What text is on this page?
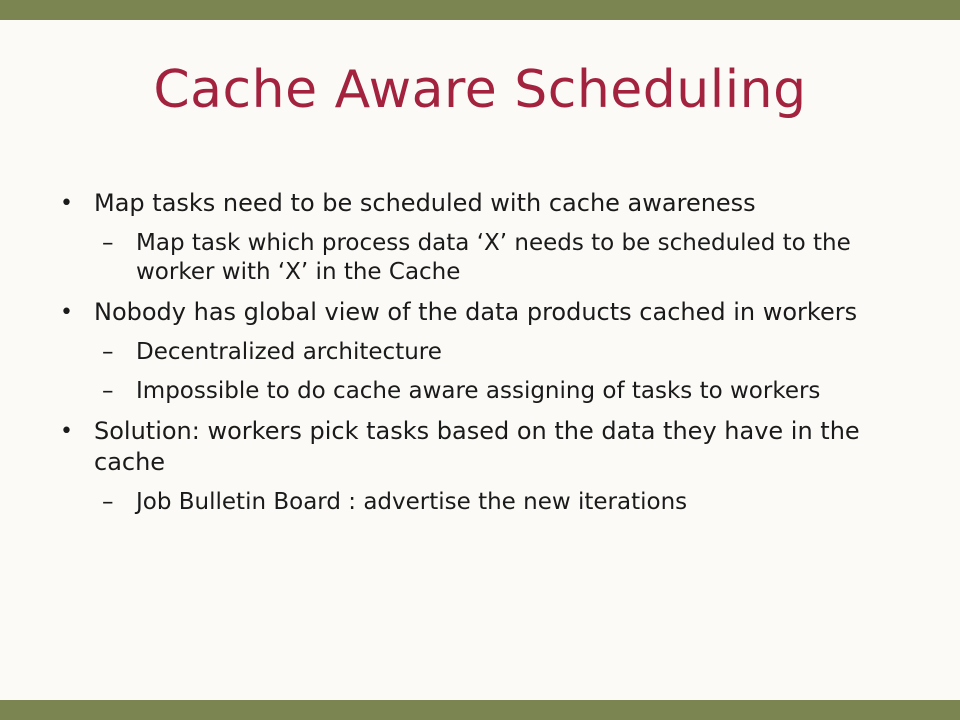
Cache Aware Scheduling
• Map tasks need to be scheduled with cache awareness
– Map task which process data ‘X’ needs to be scheduled to the worker with ‘X’ in the Cache
• Nobody has global view of the data products cached in workers
– Decentralized architecture
– Impossible to do cache aware assigning of tasks to workers
• Solution: workers pick tasks based on the data they have in the cache
– Job Bulletin Board : advertise the new iterations
